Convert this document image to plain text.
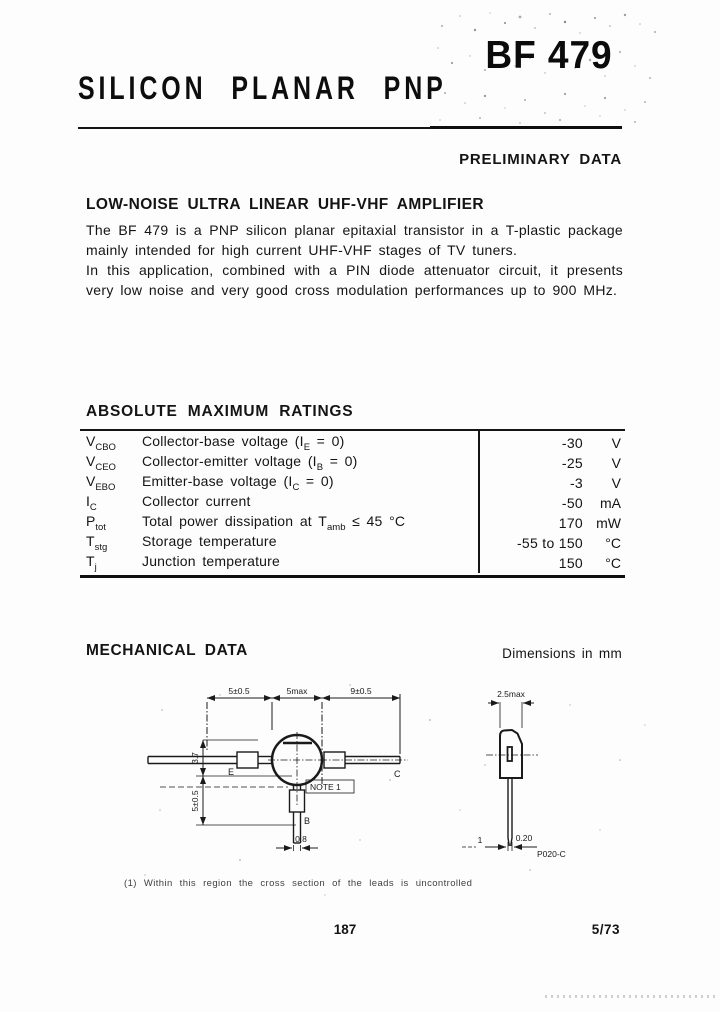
BF 479
SILICON PLANAR PNP
PRELIMINARY DATA
LOW-NOISE ULTRA LINEAR UHF-VHF AMPLIFIER

The BF 479 is a PNP silicon planar epitaxial transistor in a T-plastic package mainly intended for high current UHF-VHF stages of TV tuners.

In this application, combined with a PIN diode attenuator circuit, it presents very low noise and very good cross modulation performances up to 900 MHz.

ABSOLUTE MAXIMUM RATINGS
$V_{CBO}$	Collector-base voltage $(I_E = 0)$	-30	V
$V_{CEO}$	Collector-emitter voltage $(I_B = 0)$	-25	V
$V_{EBO}$	Emitter-base voltage $(I_C = 0)$	-3	V
$I_C$	Collector current	-50	mA
$P_{tot}$	Total power dissipation at $T_{amb} \le 45$ °C	170 mW
$T_{stg}$	Storage temperature	-55 to 150	°C
$T_j$	Junction temperature	150	°C
MECHANICAL DATA	Dimensions in mm
5±0.5	5max	9±0.5
3.7
5±0.5
E	C
B
NOTE 1
0.8
2.5max
1	0.20
P020-C
(1) Within this region the cross section of the leads is uncontrolled
187	5/73
